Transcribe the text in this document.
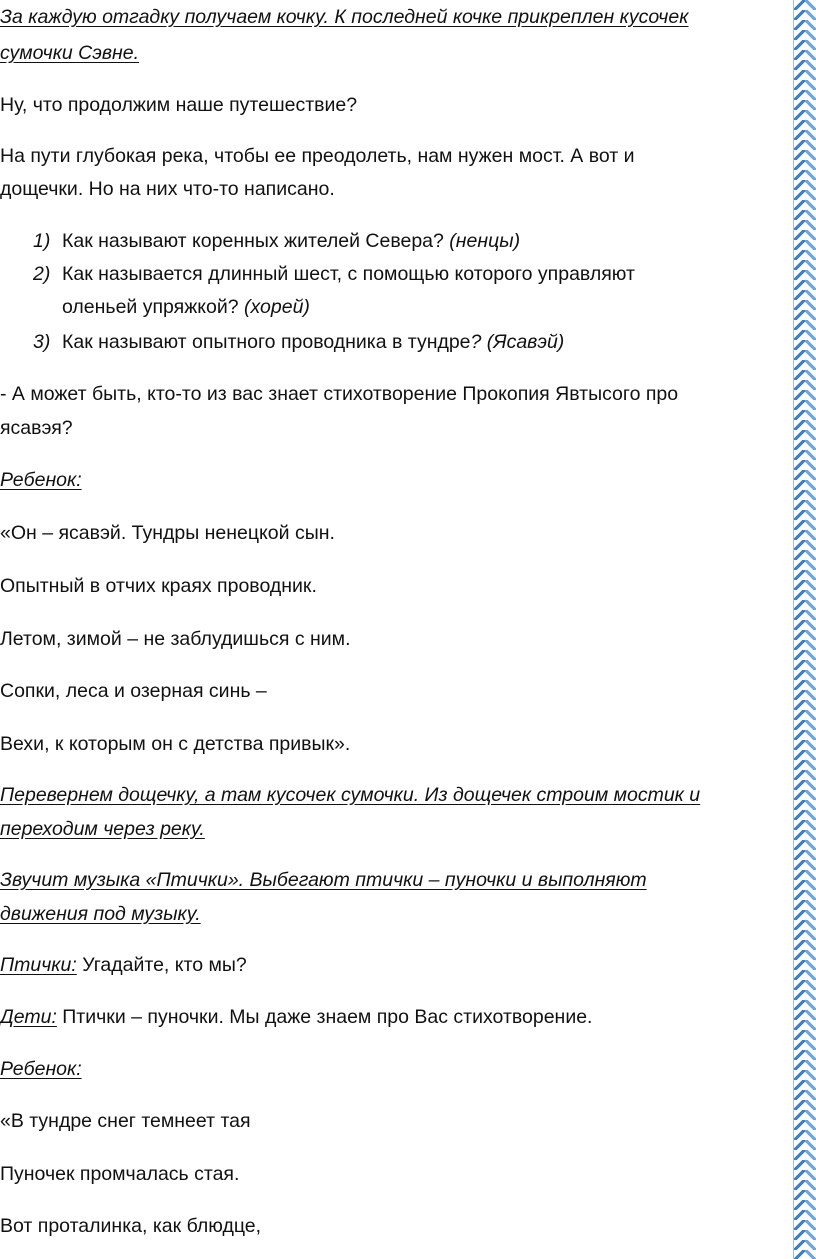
За каждую отгадку получаем кочку. К последней кочке прикреплен кусочек
сумочки Сэвне.
Ну, что продолжим наше путешествие?
На пути глубокая река, чтобы ее преодолеть, нам нужен мост. А вот и
дощечки. Но на них что-то написано.
1) Как называют коренных жителей Севера? (ненцы)
2) Как называется длинный шест, с помощью которого управляют
оленьей упряжкой? (хорей)
3) Как называют опытного проводника в тундре? (Ясавэй)
- А может быть, кто-то из вас знает стихотворение Прокопия Явтысого про
ясавэя?
Ребенок:
«Он – ясавэй. Тундры ненецкой сын.
Опытный в отчих краях проводник.
Летом, зимой – не заблудишься с ним.
Сопки, леса и озерная синь –
Вехи, к которым он с детства привык».
Перевернем дощечку, а там кусочек сумочки. Из дощечек строим мостик и
переходим через реку.
Звучит музыка «Птички». Выбегают птички – пуночки и выполняют
движения под музыку.
Птички: Угадайте, кто мы?
Дети: Птички – пуночки. Мы даже знаем про Вас стихотворение.
Ребенок:
«В тундре снег темнеет тая
Пуночек промчалась стая.
Вот проталинка, как блюдце,
